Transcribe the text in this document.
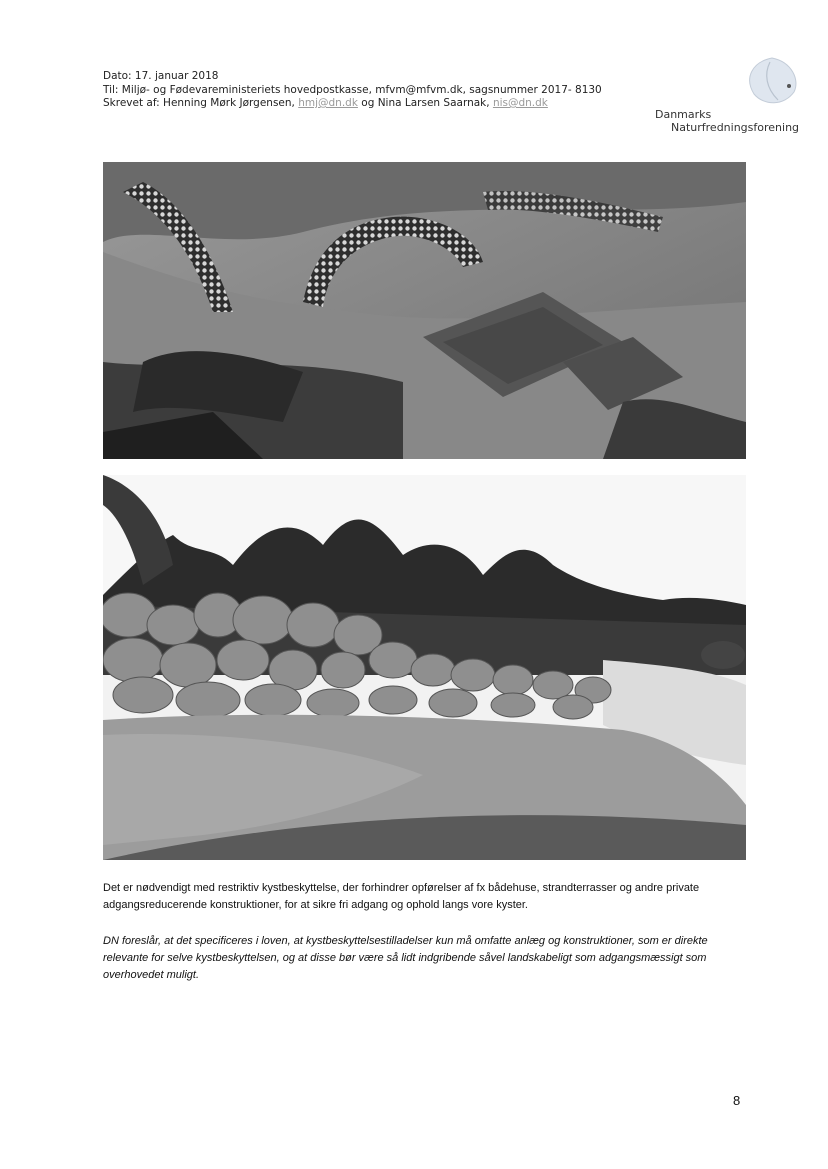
Dato: 17. januar 2018
Til: Miljø- og Fødevareministeriets hovedpostkasse, mfvm@mfvm.dk, sagsnummer 2017- 8130
Skrevet af: Henning Mørk Jørgensen, hmj@dn.dk og Nina Larsen Saarnak, nis@dn.dk
Danmarks
Naturfredningsforening
Det er nødvendigt med restriktiv kystbeskyttelse, der forhindrer opførelser af fx bådehuse, strandterrasser og andre private adgangsreducerende konstruktioner, for at sikre fri adgang og ophold langs vore kyster.
DN foreslår, at det specificeres i loven, at kystbeskyttelsestilladelser kun må omfatte anlæg og konstruktioner, som er direkte relevante for selve kystbeskyttelsen, og at disse bør være så lidt indgribende såvel landskabeligt som adgangsmæssigt som overhovedet muligt.
8
